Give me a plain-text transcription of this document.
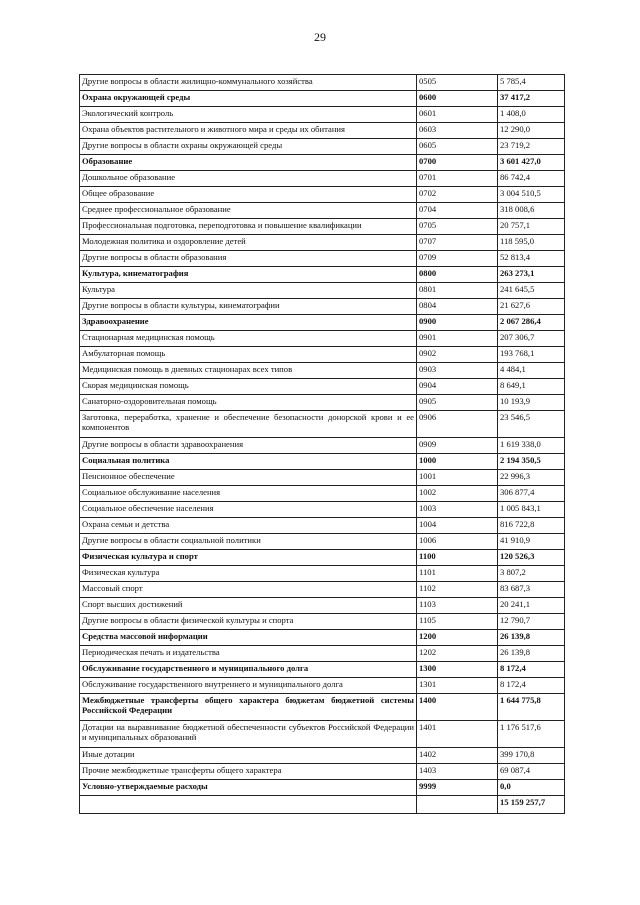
29
Другие вопросы в области жилищно-коммунального хозяйства	0505	5 785,4
Охрана окружающей среды	0600	37 417,2
Экологический контроль	0601	1 408,0
Охрана объектов растительного и животного мира и среды их обитания	0603	12 290,0
Другие вопросы в области охраны окружающей среды	0605	23 719,2
Образование	0700	3 601 427,0
Дошкольное образование	0701	86 742,4
Общее образование	0702	3 004 510,5
Среднее профессиональное образование	0704	318 008,6
Профессиональная подготовка, переподготовка и повышение квалификации	0705	20 757,1
Молодежная политика и оздоровление детей	0707	118 595,0
Другие вопросы в области образования	0709	52 813,4
Культура, кинематография	0800	263 273,1
Культура	0801	241 645,5
Другие вопросы в области культуры, кинематографии	0804	21 627,6
Здравоохранение	0900	2 067 286,4
Стационарная медицинская помощь	0901	207 306,7
Амбулаторная помощь	0902	193 768,1
Медицинская помощь в дневных стационарах всех типов	0903	4 484,1
Скорая медицинская помощь	0904	8 649,1
Санаторно-оздоровительная помощь	0905	10 193,9
Заготовка, переработка, хранение и обеспечение безопасности донорской крови и ее компонентов	0906	23 546,5
Другие вопросы в области здравоохранения	0909	1 619 338,0
Социальная политика	1000	2 194 350,5
Пенсионное обеспечение	1001	22 996,3
Социальное обслуживание населения	1002	306 877,4
Социальное обеспечение населения	1003	1 005 843,1
Охрана семьи и детства	1004	816 722,8
Другие вопросы в области социальной политики	1006	41 910,9
Физическая культура и спорт	1100	120 526,3
Физическая культура	1101	3 807,2
Массовый спорт	1102	83 687,3
Спорт высших достижений	1103	20 241,1
Другие вопросы в области физической культуры и спорта	1105	12 790,7
Средства массовой информации	1200	26 139,8
Периодическая печать и издательства	1202	26 139,8
Обслуживание государственного и муниципального долга	1300	8 172,4
Обслуживание государственного внутреннего и муниципального долга	1301	8 172,4
Межбюджетные трансферты общего характера бюджетам бюджетной системы Российской Федерации	1400	1 644 775,8
Дотации на выравнивание бюджетной обеспеченности субъектов Российской Федерации и муниципальных образований	1401	1 176 517,6
Иные дотации	1402	399 170,8
Прочие межбюджетные трансферты общего характера	1403	69 087,4
Условно-утверждаемые расходы	9999	0,0
		15 159 257,7
